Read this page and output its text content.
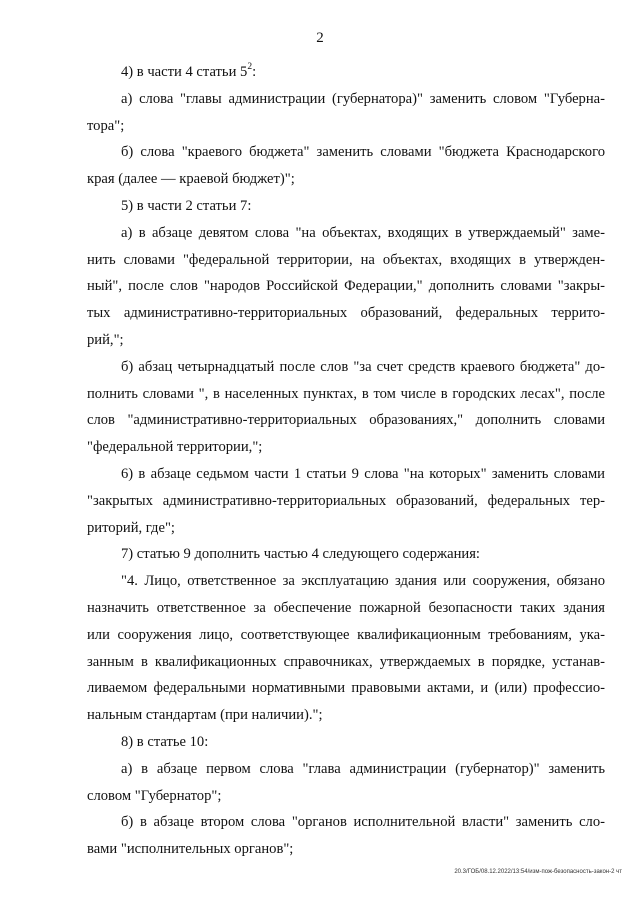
2
4) в части 4 статьи $5^2$:
а) слова "главы администрации (губернатора)" заменить словом "Губерна-
тора";
б) слова "краевого бюджета" заменить словами "бюджета Краснодарского
края (далее — краевой бюджет)";
5) в части 2 статьи 7:
а) в абзаце девятом слова "на объектах, входящих в утверждаемый" заме-
нить словами "федеральной территории, на объектах, входящих в утвержден-
ный", после слов "народов Российской Федерации," дополнить словами "закры-
тых административно-территориальных образований, федеральных террито-
рий,";
б) абзац четырнадцатый после слов "за счет средств краевого бюджета" до-
полнить словами ", в населенных пунктах, в том числе в городских лесах", после
слов "административно-территориальных образованиях," дополнить словами
"федеральной территории,";
6) в абзаце седьмом части 1 статьи 9 слова "на которых" заменить словами
"закрытых административно-территориальных образований, федеральных тер-
риторий, где";
7) статью 9 дополнить частью 4 следующего содержания:
"4. Лицо, ответственное за эксплуатацию здания или сооружения, обязано
назначить ответственное за обеспечение пожарной безопасности таких здания
или сооружения лицо, соответствующее квалификационным требованиям, ука-
занным в квалификационных справочниках, утверждаемых в порядке, устанав-
ливаемом федеральными нормативными правовыми актами, и (или) профессио-
нальным стандартам (при наличии).";
8) в статье 10:
а) в абзаце первом слова "глава администрации (губернатор)" заменить
словом "Губернатор";
б) в абзаце втором слова "органов исполнительной власти" заменить сло-
вами "исполнительных органов";
20.3/ГОБ/08.12.2022/13:54/изм-пож-безопасность-закон-2 чт
